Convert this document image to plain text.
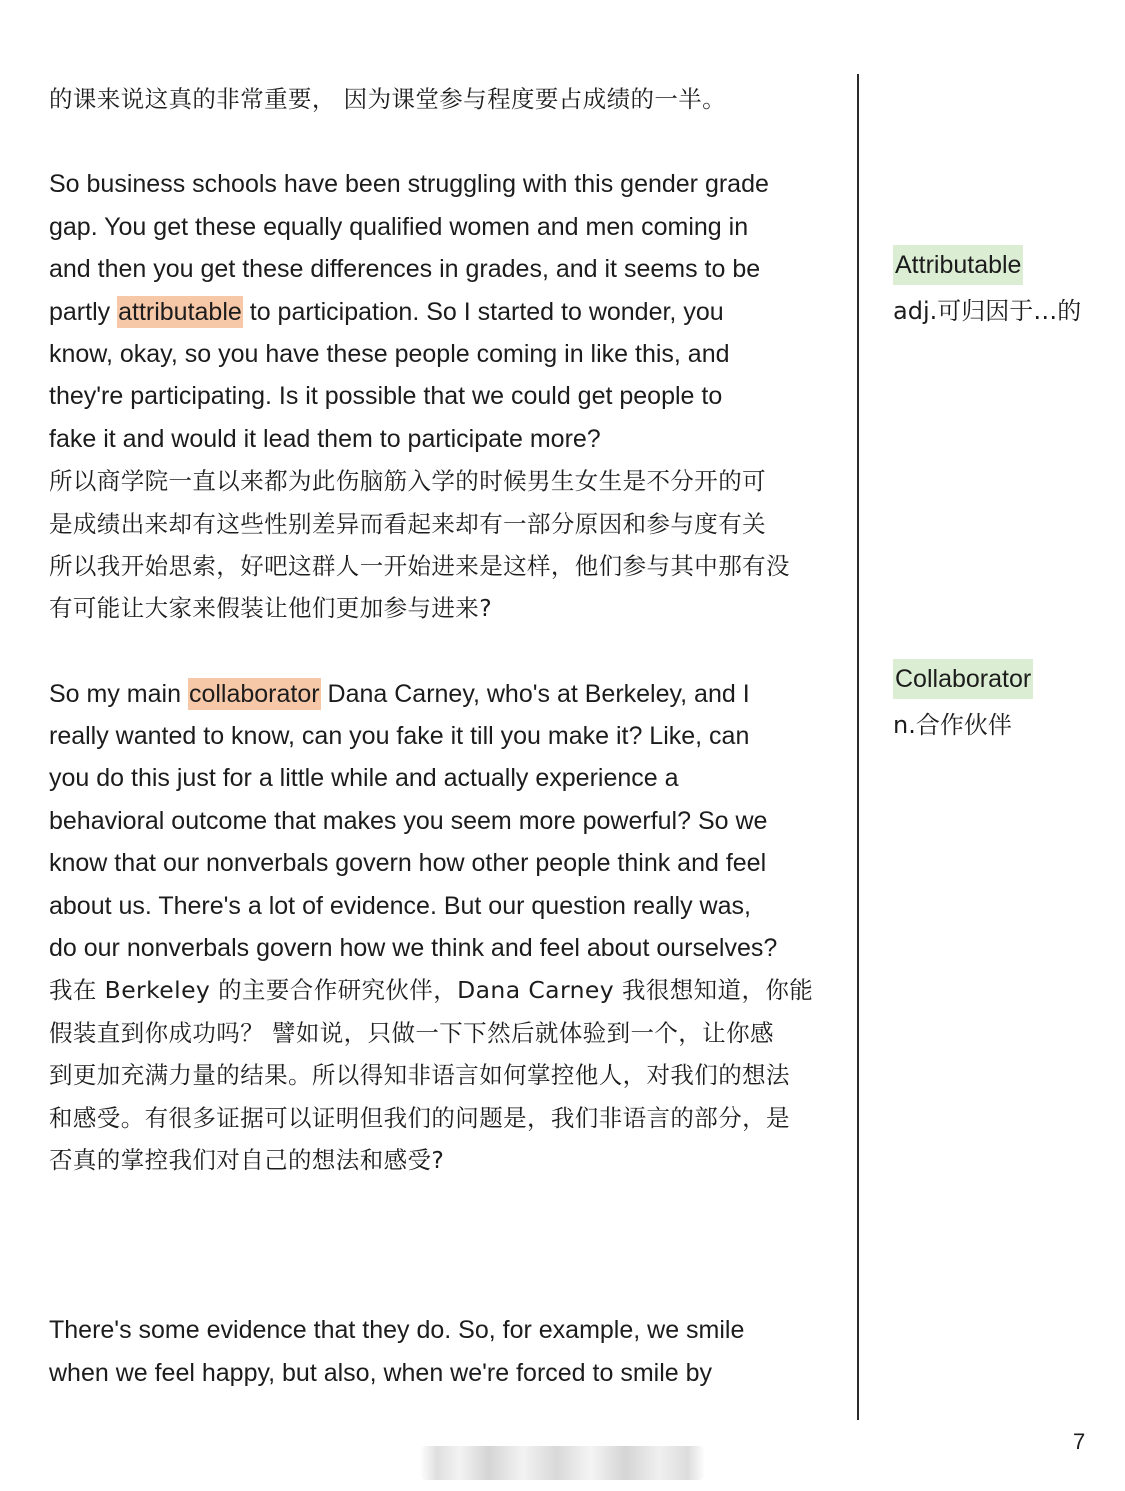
的课来说这真的非常重要， 因为课堂参与程度要占成绩的一半。
So business schools have been struggling with this gender grade
gap. You get these equally qualified women and men coming in
and then you get these differences in grades, and it seems to be
partly attributable to participation. So I started to wonder, you
know, okay, so you have these people coming in like this, and
they're participating. Is it possible that we could get people to
fake it and would it lead them to participate more?
所以商学院一直以来都为此伤脑筋入学的时候男生女生是不分开的可
是成绩出来却有这些性别差异而看起来却有一部分原因和参与度有关
所以我开始思索，好吧这群人一开始进来是这样，他们参与其中那有没
有可能让大家来假装让他们更加参与进来?
So my main collaborator Dana Carney, who's at Berkeley, and I
really wanted to know, can you fake it till you make it? Like, can
you do this just for a little while and actually experience a
behavioral outcome that makes you seem more powerful? So we
know that our nonverbals govern how other people think and feel
about us. There's a lot of evidence. But our question really was,
do our nonverbals govern how we think and feel about ourselves?
我在 Berkeley 的主要合作研究伙伴，Dana Carney 我很想知道，你能
假装直到你成功吗？ 譬如说，只做一下下然后就体验到一个，让你感
到更加充满力量的结果。所以得知非语言如何掌控他人，对我们的想法
和感受。有很多证据可以证明但我们的问题是，我们非语言的部分，是
否真的掌控我们对自己的想法和感受?
There's some evidence that they do. So, for example, we smile
when we feel happy, but also, when we're forced to smile by
Attributable
adj.可归因于…的
Collaborator
n.合作伙伴
7
